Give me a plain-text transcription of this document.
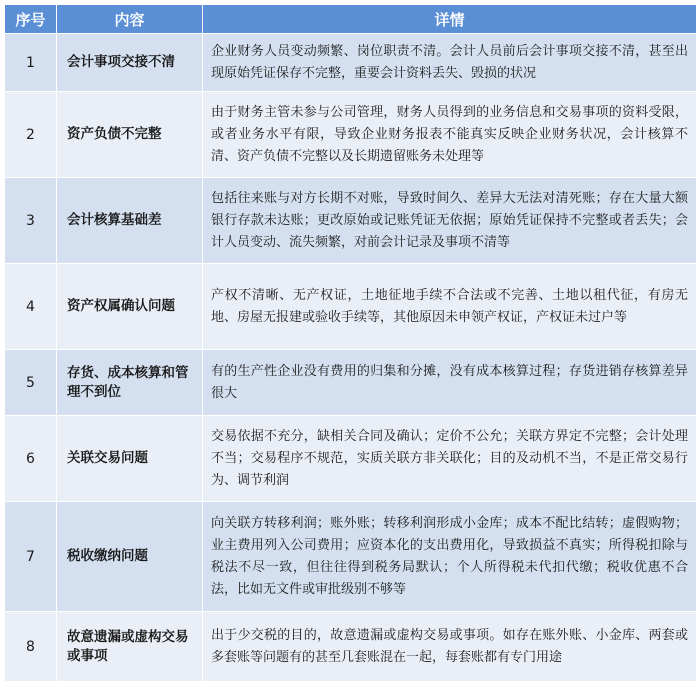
序号	内容	详情
1	会计事项交接不清	企业财务人员变动频繁、岗位职责不清。会计人员前后会计事项交接不清，甚至出现原始凭证保存不完整，重要会计资料丢失、毁损的状况
2	资产负债不完整	由于财务主管未参与公司管理，财务人员得到的业务信息和交易事项的资料受限，或者业务水平有限，导致企业财务报表不能真实反映企业财务状况，会计核算不清、资产负债不完整以及长期遗留账务未处理等
3	会计核算基础差	包括往来账与对方长期不对账，导致时间久、差异大无法对清死账；存在大量大额银行存款未达账；更改原始或记账凭证无依据；原始凭证保持不完整或者丢失；会计人员变动、流失频繁，对前会计记录及事项不清等
4	资产权属确认问题	产权不清晰、无产权证，土地征地手续不合法或不完善、土地以租代征，有房无地、房屋无报建或验收手续等，其他原因未申领产权证，产权证未过户等
5	存货、成本核算和管理不到位	有的生产性企业没有费用的归集和分摊，没有成本核算过程；存货进销存核算差异很大
6	关联交易问题	交易依据不充分，缺相关合同及确认；定价不公允；关联方界定不完整；会计处理不当；交易程序不规范，实质关联方非关联化；目的及动机不当，不是正常交易行为、调节利润
7	税收缴纳问题	向关联方转移利润；账外账；转移利润形成小金库；成本不配比结转；虚假购物；业主费用列入公司费用；应资本化的支出费用化，导致损益不真实；所得税扣除与税法不尽一致，但往往得到税务局默认；个人所得税未代扣代缴；税收优惠不合法，比如无文件或审批级别不够等
8	故意遗漏或虚构交易或事项	出于少交税的目的，故意遗漏或虚构交易或事项。如存在账外账、小金库、两套或多套账等问题有的甚至几套账混在一起，每套账都有专门用途
